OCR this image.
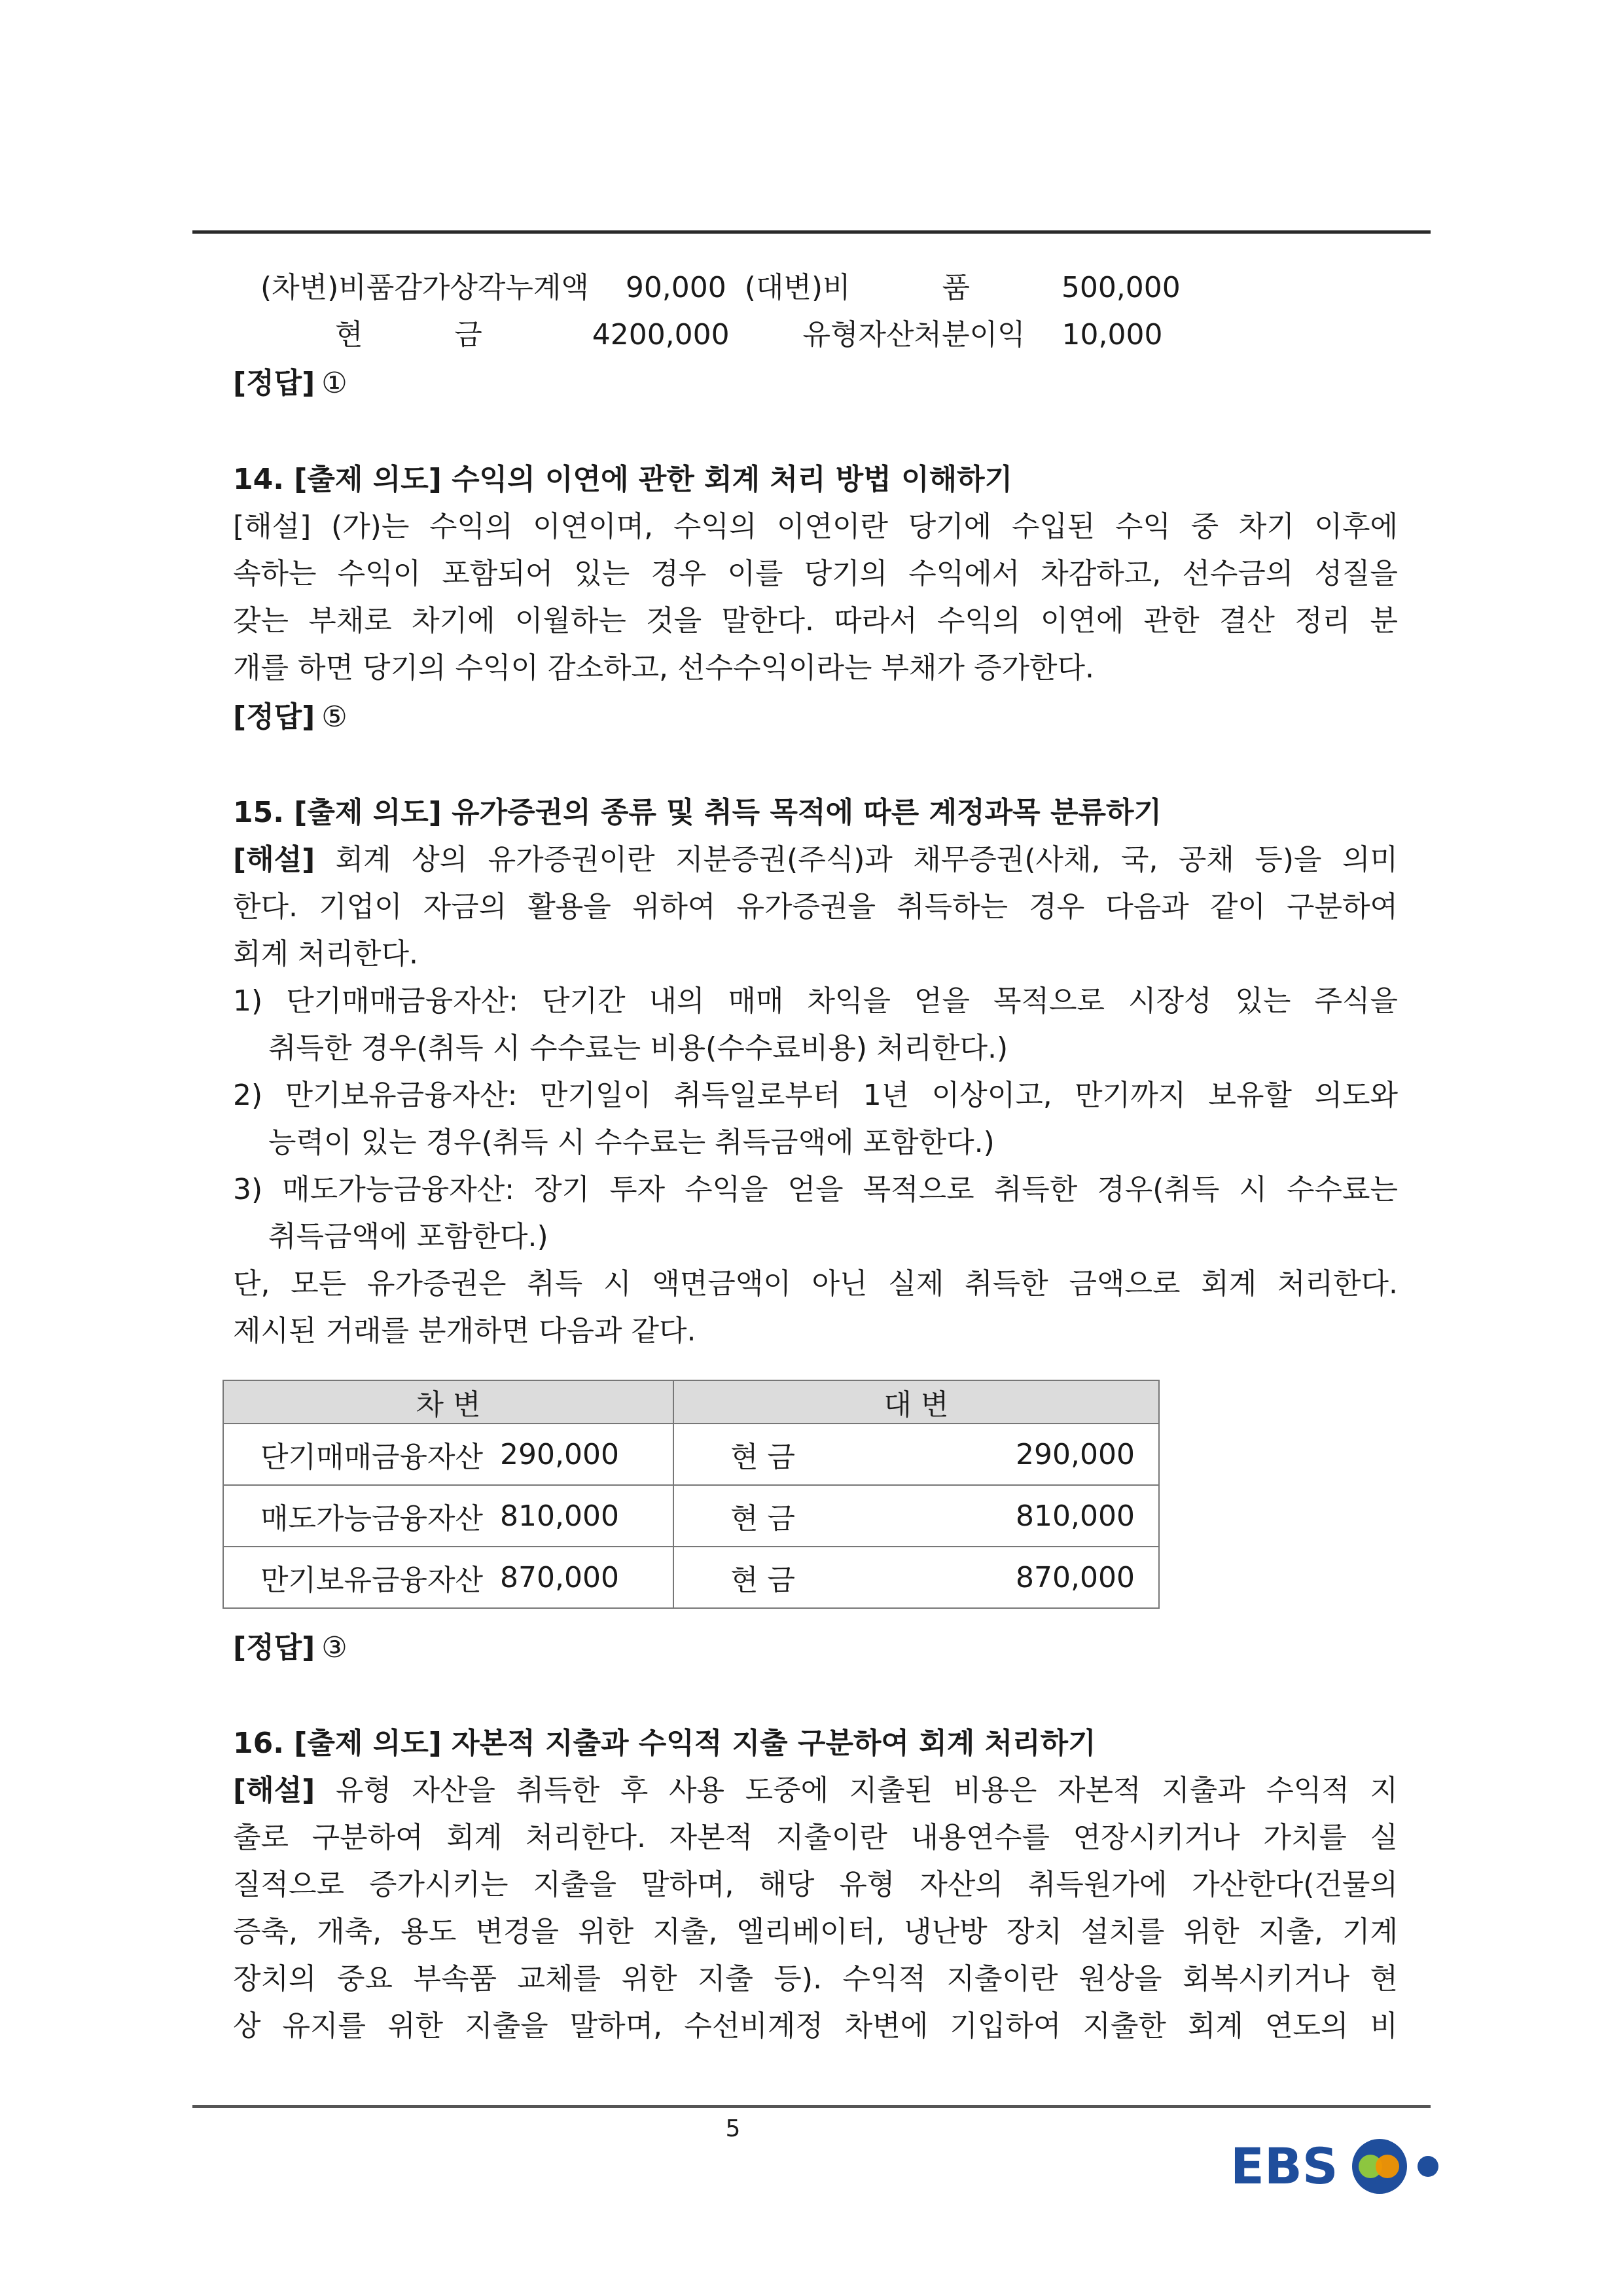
(차변)비품감가상각누계액    90,000  (대변)비          품          500,000
현          금            4200,000        유형자산처분이익    10,000
[정답] ①
14. [출제 의도] 수익의 이연에 관한 회계 처리 방법 이해하기
[해설] (가)는 수익의 이연이며, 수익의 이연이란 당기에 수입된 수익 중 차기 이후에
속하는 수익이 포함되어 있는 경우 이를 당기의 수익에서 차감하고, 선수금의 성질을
갖는 부채로 차기에 이월하는 것을 말한다. 따라서 수익의 이연에 관한 결산 정리 분
개를 하면 당기의 수익이 감소하고, 선수수익이라는 부채가 증가한다.
[정답] ⑤
15. [출제 의도] 유가증권의 종류 및 취득 목적에 따른 계정과목 분류하기
[해설] 회계 상의 유가증권이란 지분증권(주식)과 채무증권(사채, 국, 공채 등)을 의미
한다. 기업이 자금의 활용을 위하여 유가증권을 취득하는 경우 다음과 같이 구분하여
회계 처리한다.
1) 단기매매금융자산: 단기간 내의 매매 차익을 얻을 목적으로 시장성 있는 주식을
취득한 경우(취득 시 수수료는 비용(수수료비용) 처리한다.)
2) 만기보유금융자산: 만기일이 취득일로부터 1년 이상이고, 만기까지 보유할 의도와
능력이 있는 경우(취득 시 수수료는 취득금액에 포함한다.)
3) 매도가능금융자산: 장기 투자 수익을 얻을 목적으로 취득한 경우(취득 시 수수료는
취득금액에 포함한다.)
단, 모든 유가증권은 취득 시 액면금액이 아닌 실제 취득한 금액으로 회계 처리한다.
제시된 거래를 분개하면 다음과 같다.
차 변	대 변

단기매매금융자산 290,000	현 금 290,000

매도가능금융자산 810,000	현 금 810,000

만기보유금융자산 870,000	현 금 870,000
[정답] ③
16. [출제 의도] 자본적 지출과 수익적 지출 구분하여 회계 처리하기
[해설] 유형 자산을 취득한 후 사용 도중에 지출된 비용은 자본적 지출과 수익적 지
출로 구분하여 회계 처리한다. 자본적 지출이란 내용연수를 연장시키거나 가치를 실
질적으로 증가시키는 지출을 말하며, 해당 유형 자산의 취득원가에 가산한다(건물의
증축, 개축, 용도 변경을 위한 지출, 엘리베이터, 냉난방 장치 설치를 위한 지출, 기계
장치의 중요 부속품 교체를 위한 지출 등). 수익적 지출이란 원상을 회복시키거나 현
상 유지를 위한 지출을 말하며, 수선비계정 차변에 기입하여 지출한 회계 연도의 비
5
EBS
